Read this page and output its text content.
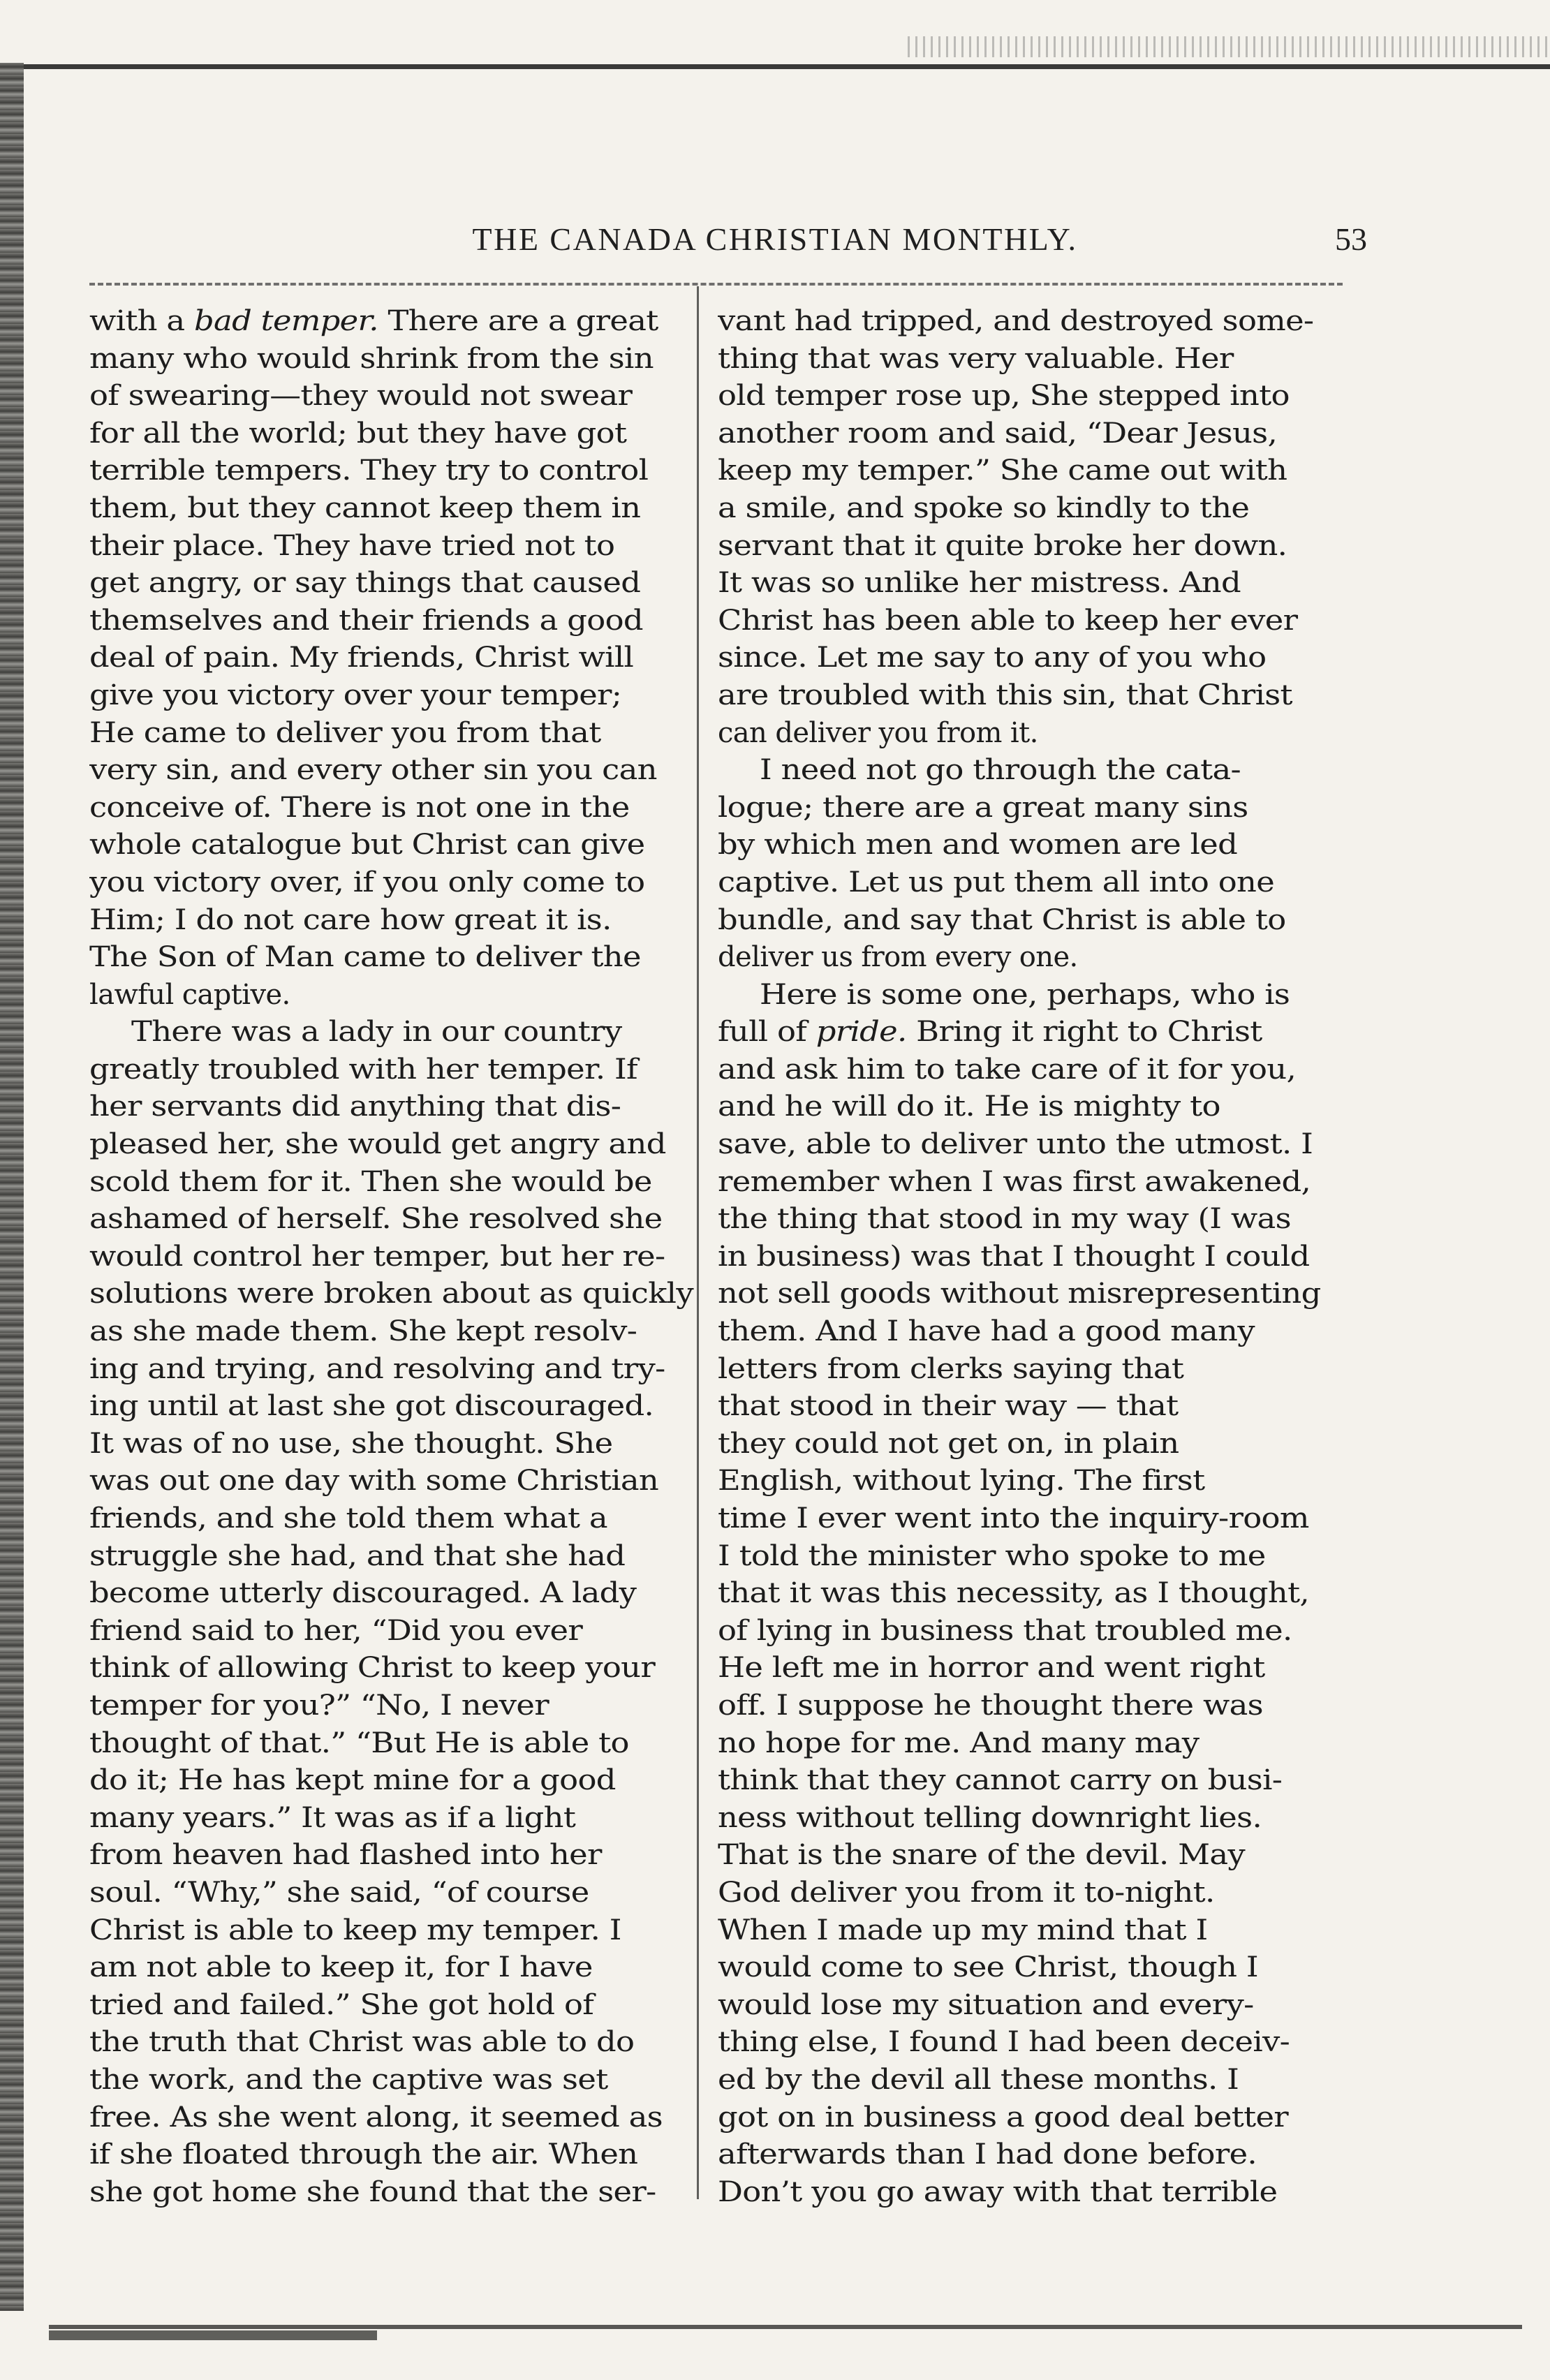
THE CANADA CHRISTIAN MONTHLY.	53
with a bad temper. There are a great
many who would shrink from the sin
of swearing—they would not swear
for all the world; but they have got
terrible tempers. They try to control
them, but they cannot keep them in
their place. They have tried not to
get angry, or say things that caused
themselves and their friends a good
deal of pain. My friends, Christ will
give you victory over your temper;
He came to deliver you from that
very sin, and every other sin you can
conceive of. There is not one in the
whole catalogue but Christ can give
you victory over, if you only come to
Him; I do not care how great it is.
The Son of Man came to deliver the
lawful captive.
There was a lady in our country
greatly troubled with her temper. If
her servants did anything that dis-
pleased her, she would get angry and
scold them for it. Then she would be
ashamed of herself. She resolved she
would control her temper, but her re-
solutions were broken about as quickly
as she made them. She kept resolv-
ing and trying, and resolving and try-
ing until at last she got discouraged.
It was of no use, she thought. She
was out one day with some Christian
friends, and she told them what a
struggle she had, and that she had
become utterly discouraged. A lady
friend said to her, “Did you ever
think of allowing Christ to keep your
temper for you?” “No, I never
thought of that.” “But He is able to
do it; He has kept mine for a good
many years.” It was as if a light
from heaven had flashed into her
soul. “Why,” she said, “of course
Christ is able to keep my temper. I
am not able to keep it, for I have
tried and failed.” She got hold of
the truth that Christ was able to do
the work, and the captive was set
free. As she went along, it seemed as
if she floated through the air. When
she got home she found that the ser-
vant had tripped, and destroyed some-
thing that was very valuable. Her
old temper rose up, She stepped into
another room and said, “Dear Jesus,
keep my temper.” She came out with
a smile, and spoke so kindly to the
servant that it quite broke her down.
It was so unlike her mistress. And
Christ has been able to keep her ever
since. Let me say to any of you who
are troubled with this sin, that Christ
can deliver you from it.
I need not go through the cata-
logue; there are a great many sins
by which men and women are led
captive. Let us put them all into one
bundle, and say that Christ is able to
deliver us from every one.
Here is some one, perhaps, who is
full of pride. Bring it right to Christ
and ask him to take care of it for you,
and he will do it. He is mighty to
save, able to deliver unto the utmost. I
remember when I was first awakened,
the thing that stood in my way (I was
in business) was that I thought I could
not sell goods without misrepresenting
them. And I have had a good many
letters from clerks saying that
that stood in their way — that
they could not get on, in plain
English, without lying. The first
time I ever went into the inquiry-room
I told the minister who spoke to me
that it was this necessity, as I thought,
of lying in business that troubled me.
He left me in horror and went right
off. I suppose he thought there was
no hope for me. And many may
think that they cannot carry on busi-
ness without telling downright lies.
That is the snare of the devil. May
God deliver you from it to-night.
When I made up my mind that I
would come to see Christ, though I
would lose my situation and every-
thing else, I found I had been deceiv-
ed by the devil all these months. I
got on in business a good deal better
afterwards than I had done before.
Don’t you go away with that terrible
